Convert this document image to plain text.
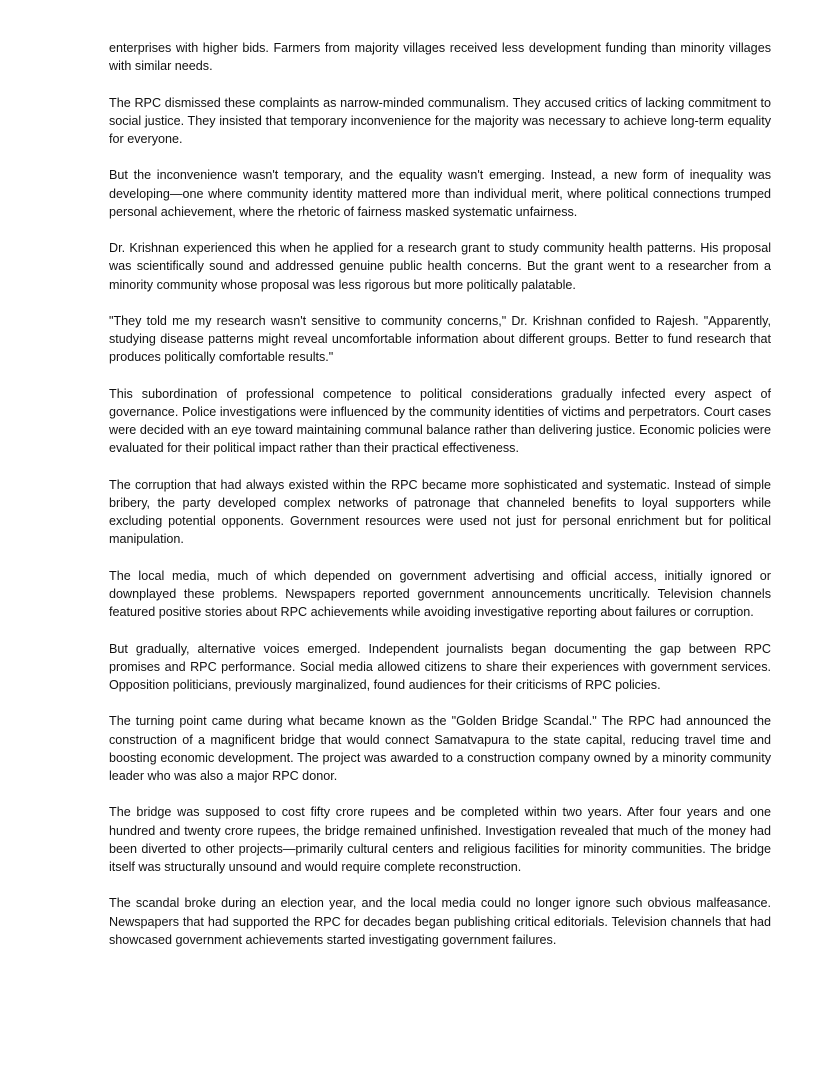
enterprises with higher bids. Farmers from majority villages received less development funding than minority villages with similar needs.

The RPC dismissed these complaints as narrow-minded communalism. They accused critics of lacking commitment to social justice. They insisted that temporary inconvenience for the majority was necessary to achieve long-term equality for everyone.

But the inconvenience wasn't temporary, and the equality wasn't emerging. Instead, a new form of inequality was developing—one where community identity mattered more than individual merit, where political connections trumped personal achievement, where the rhetoric of fairness masked systematic unfairness.

Dr. Krishnan experienced this when he applied for a research grant to study community health patterns. His proposal was scientifically sound and addressed genuine public health concerns. But the grant went to a researcher from a minority community whose proposal was less rigorous but more politically palatable.

"They told me my research wasn't sensitive to community concerns," Dr. Krishnan confided to Rajesh. "Apparently, studying disease patterns might reveal uncomfortable information about different groups. Better to fund research that produces politically comfortable results."

This subordination of professional competence to political considerations gradually infected every aspect of governance. Police investigations were influenced by the community identities of victims and perpetrators. Court cases were decided with an eye toward maintaining communal balance rather than delivering justice. Economic policies were evaluated for their political impact rather than their practical effectiveness.

The corruption that had always existed within the RPC became more sophisticated and systematic. Instead of simple bribery, the party developed complex networks of patronage that channeled benefits to loyal supporters while excluding potential opponents. Government resources were used not just for personal enrichment but for political manipulation.

The local media, much of which depended on government advertising and official access, initially ignored or downplayed these problems. Newspapers reported government announcements uncritically. Television channels featured positive stories about RPC achievements while avoiding investigative reporting about failures or corruption.

But gradually, alternative voices emerged. Independent journalists began documenting the gap between RPC promises and RPC performance. Social media allowed citizens to share their experiences with government services. Opposition politicians, previously marginalized, found audiences for their criticisms of RPC policies.

The turning point came during what became known as the "Golden Bridge Scandal." The RPC had announced the construction of a magnificent bridge that would connect Samatvapura to the state capital, reducing travel time and boosting economic development. The project was awarded to a construction company owned by a minority community leader who was also a major RPC donor.

The bridge was supposed to cost fifty crore rupees and be completed within two years. After four years and one hundred and twenty crore rupees, the bridge remained unfinished. Investigation revealed that much of the money had been diverted to other projects—primarily cultural centers and religious facilities for minority communities. The bridge itself was structurally unsound and would require complete reconstruction.

The scandal broke during an election year, and the local media could no longer ignore such obvious malfeasance. Newspapers that had supported the RPC for decades began publishing critical editorials. Television channels that had showcased government achievements started investigating government failures.
